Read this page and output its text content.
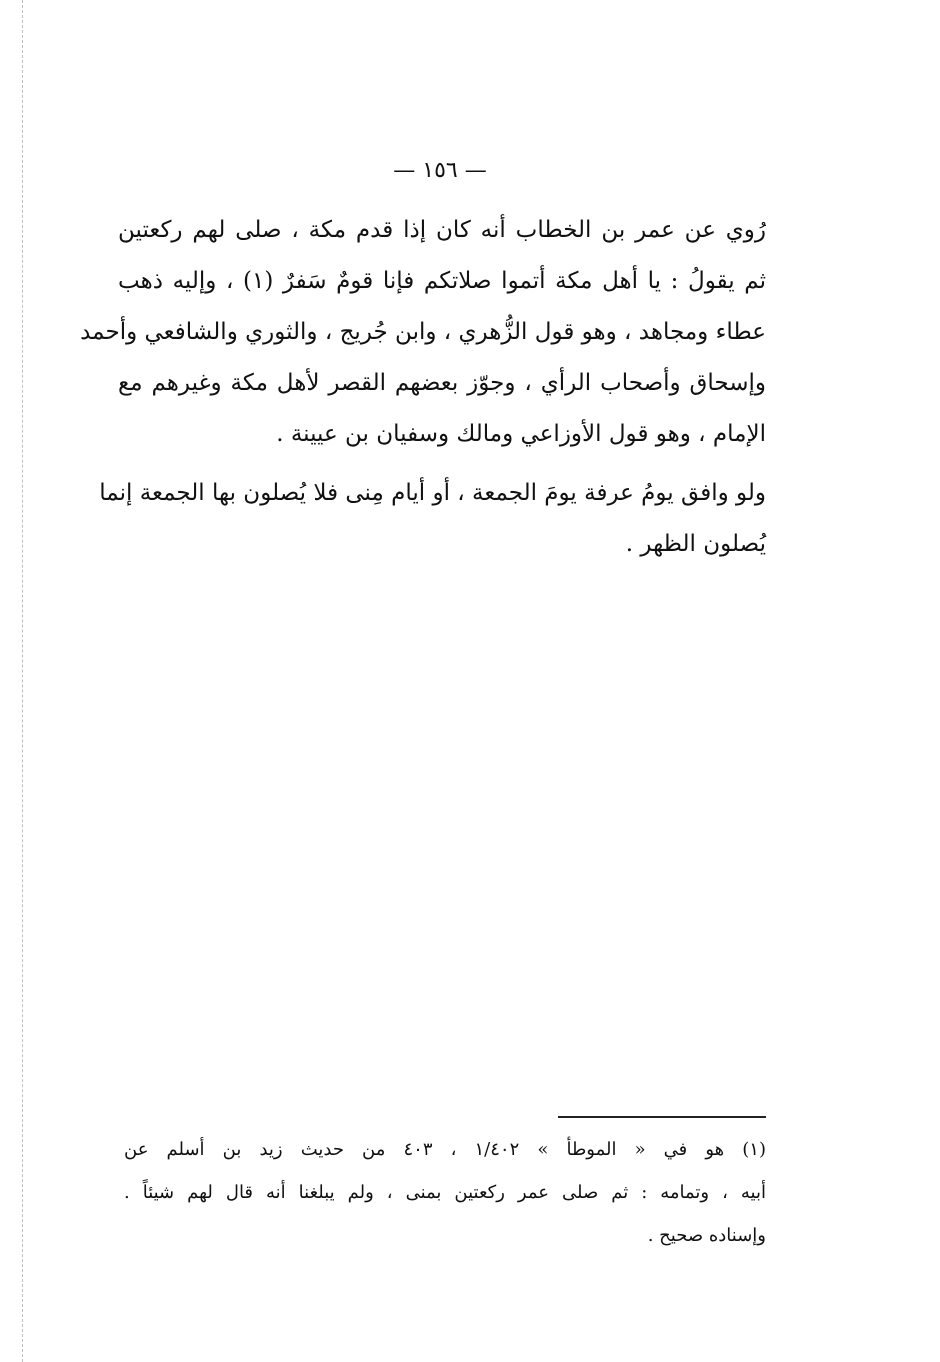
— ١٥٦ —

رُوي عن عمر بن الخطاب أنه كان إذا قدم مكة ، صلى لهم ركعتين
ثم يقولُ : يا أهل مكة أتموا صلاتكم فإنا قومٌ سَفرٌ (١) ، وإليه ذهب
عطاء ومجاهد ، وهو قول الزُّهري ، وابن جُريج ، والثوري والشافعي وأحمد
وإسحاق وأصحاب الرأي ، وجوّز بعضهم القصر لأهل مكة وغيرهم مع
الإمام ، وهو قول الأوزاعي ومالك وسفيان بن عيينة .

ولو وافق يومُ عرفة يومَ الجمعة ، أو أيام مِنى فلا يُصلون بها الجمعة إنما
يُصلون الظهر .

(١) هو في « الموطأ » ١/٤٠٢ ، ٤٠٣ من حديث زيد بن أسلم عن
أبيه ، وتمامه : ثم صلى عمر ركعتين بمنى ، ولم يبلغنا أنه قال لهم شيئاً .
وإسناده صحيح .
